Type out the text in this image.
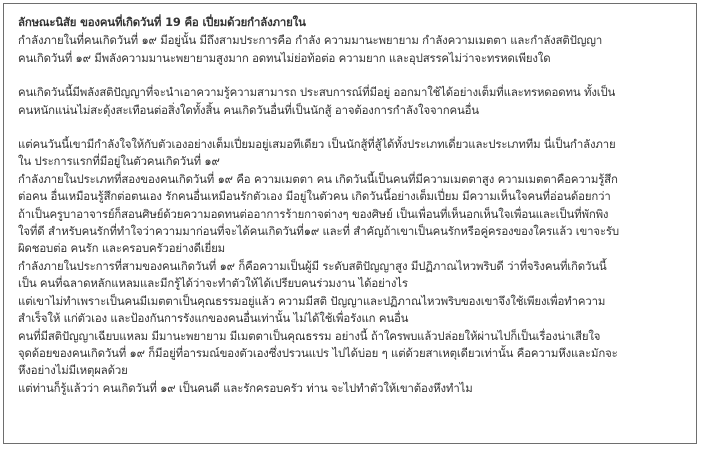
ลักษณะนิสัย ของคนที่เกิดวันที่ 19 คือ เปี่ยมด้วยกำลังภายใน
กำลังภายในที่คนเกิดวันที่ ๑๙ มีอยู่นั้น มีถึงสามประการคือ กำลัง ความมานะพยายาม กำลังความเมตตา และกำลังสติปัญญา
คนเกิดวันที่ ๑๙ มีพลังความมานะพยายามสูงมาก อดทนไม่ย่อท้อต่อ ความยาก และอุปสรรคไม่ว่าจะทรหดเพียงใด
คนเกิดวันนี้มีพลังสติปัญญาที่จะนำเอาความรู้ความสามารถ ประสบการณ์ที่มีอยู่ ออกมาใช้ได้อย่างเต็มที่และทรหดอดทน ทั้งเป็น
คนหนักแน่นไม่สะดุ้งสะเทือนต่อสิ่งใดทั้งสิ้น คนเกิดวันอื่นที่เป็นนักสู้ อาจต้องการกำลังใจจากคนอื่น
แต่คนวันนี้เขามีกำลังใจให้กับตัวเองอย่างเต็มเปี่ยมอยู่เสมอทีเดียว เป็นนักสู้ที่สู้ได้ทั้งประเภทเดี่ยวและประเภททีม นี่เป็นกำลังภาย
ใน ประการแรกที่มีอยู่ในตัวคนเกิดวันที่ ๑๙
กำลังภายในประเภทที่สองของคนเกิดวันที่ ๑๙ คือ ความเมตตา คน เกิดวันนี้เป็นคนที่มีความเมตตาสูง ความเมตตาคือความรู้สึก
ต่อคน อื่นเหมือนรู้สึกต่อตนเอง รักคนอื่นเหมือนรักตัวเอง มีอยู่ในตัวคน เกิดวันนี้อย่างเต็มเปี่ยม มีความเห็นใจคนที่อ่อนด้อยกว่า
ถ้าเป็นครูบาอาจารย์ก็สอนศิษย์ด้วยความอดทนต่ออาการร้ายกาจต่างๆ ของศิษย์ เป็นเพื่อนที่เห็นอกเห็นใจเพื่อนและเป็นที่พักพิง
ใจที่ดี สำหรับคนรักที่ทำใจว่าความมาก่อนที่จะได้คนเกิดวันที่๑๙ และที่ สำคัญถ้าเขาเป็นคนรักหรือคู่ครองของใครแล้ว เขาจะรับ
ผิดชอบต่อ คนรัก และครอบครัวอย่างดีเยี่ยม
กำลังภายในประการที่สามของคนเกิดวันที่ ๑๙ ก็คือความเป็นผู้มี ระดับสติปัญญาสูง มีปฏิภาณไหวพริบดี ว่าที่จริงคนที่เกิดวันนี้
เป็น คนที่ฉลาดหลักแหลมและมีกรู้ได้ว่าจะทำตัวให้ได้เปรียบคนร่วมงาน ได้อย่างไร
แต่เขาไม่ทำเพราะเป็นคนมีเมตตาเป็นคุณธรรมอยู่แล้ว ความมีสติ ปัญญาและปฏิภาณไหวพริบของเขาจึงใช้เพียงเพื่อทำความ
สำเร็จให้ แก่ตัวเอง และป้องกันการรังแกของคนอื่นเท่านั้น ไม่ได้ใช้เพื่อรังแก คนอื่น
คนที่มีสติปัญญาเฉียบแหลม มีมานะพยายาม มีเมตตาเป็นคุณธรรม อย่างนี้ ถ้าใครพบแล้วปล่อยให้ผ่านไปก็เป็นเรื่องน่าเสียใจ
จุดด้อยของคนเกิดวันที่ ๑๙ ก็มีอยู่ที่อารมณ์ของตัวเองซึ่งปรวนแปร ไปได้บ่อย ๆ แต่ด้วยสาเหตุเดียวเท่านั้น คือความหึงและมักจะ
หึงอย่างไม่มีเหตุผลด้วย
แต่ท่านก็รู้แล้วว่า คนเกิดวันที่ ๑๙ เป็นคนดี และรักครอบครัว ท่าน จะไปทำตัวให้เขาต้องหึงทำไม
